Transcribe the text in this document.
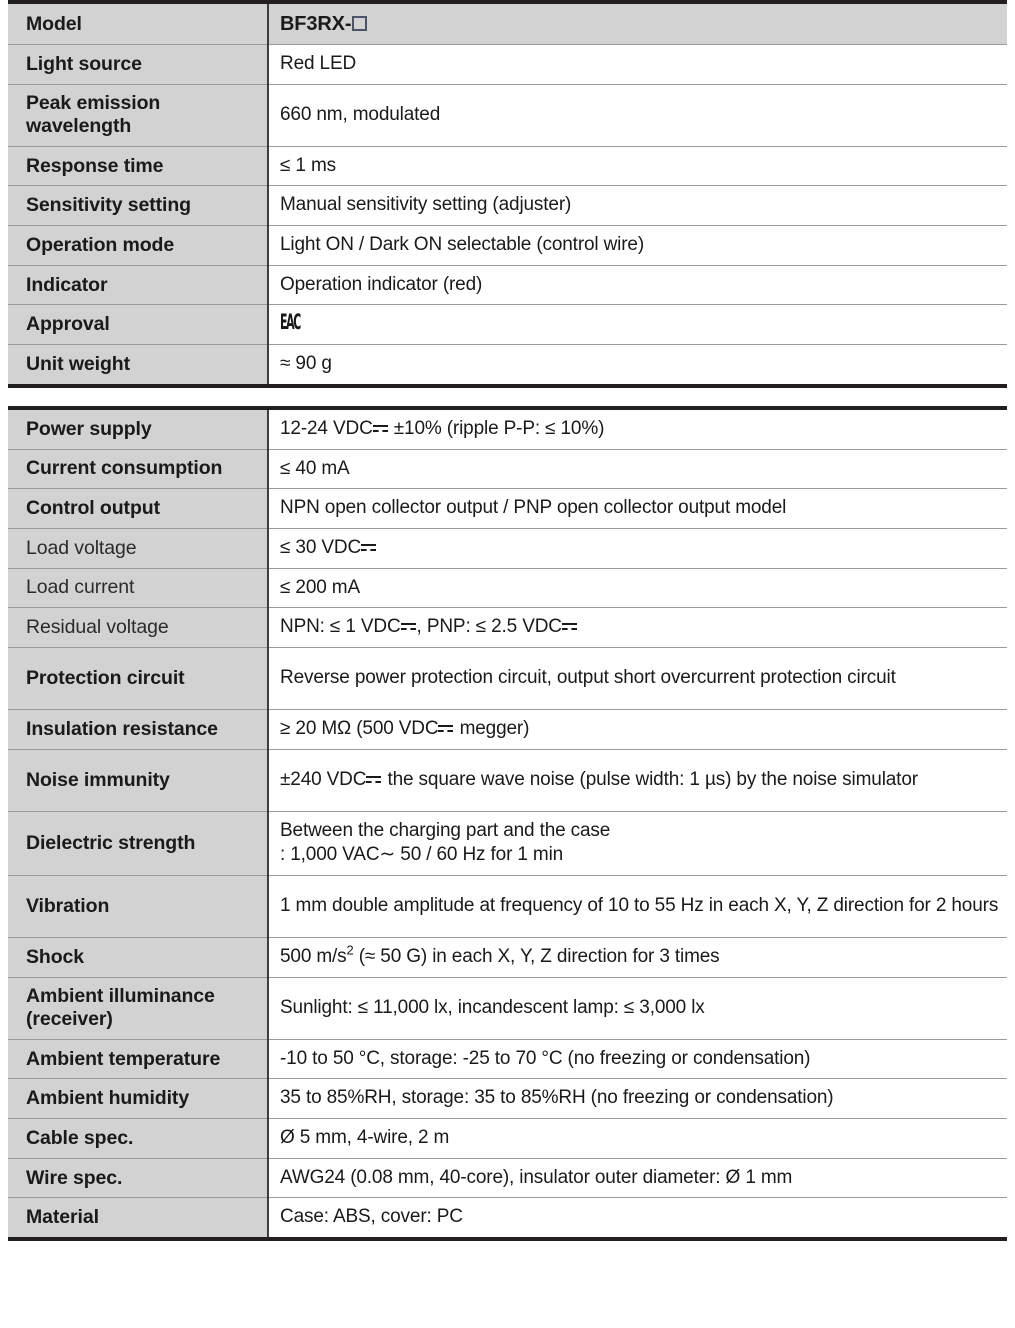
Model	BF3RX-
Light source	Red LED
Peak emission
wavelength	660 nm, modulated
Response time	≤ 1 ms
Sensitivity setting	Manual sensitivity setting (adjuster)
Operation mode	Light ON / Dark ON selectable (control wire)
Indicator	Operation indicator (red)
Approval	EAC
Unit weight	≈ 90 g
Power supply	12-24 VDC ±10% (ripple P-P: ≤ 10%)
Current consumption	≤ 40 mA
Control output	NPN open collector output / PNP open collector output model
Load voltage	≤ 30 VDC
Load current	≤ 200 mA
Residual voltage	NPN: ≤ 1 VDC , PNP: ≤ 2.5 VDC
Protection circuit	Reverse power protection circuit, output short overcurrent protection circuit
Insulation resistance	≥ 20 MΩ (500 VDC megger)
Noise immunity	±240 VDC the square wave noise (pulse width: 1 µs) by the noise simulator
Dielectric strength	Between the charging part and the case
: 1,000 VAC∼ 50 / 60 Hz for 1 min
Vibration	1 mm double amplitude at frequency of 10 to 55 Hz in each X, Y, Z direction for 2 hours
Shock	500 $m/s^2$ (≈ 50 G) in each X, Y, Z direction for 3 times
Ambient illuminance
(receiver)	Sunlight: ≤ 11,000 lx, incandescent lamp: ≤ 3,000 lx
Ambient temperature	-10 to 50 °C, storage: -25 to 70 °C (no freezing or condensation)
Ambient humidity	35 to 85%RH, storage: 35 to 85%RH (no freezing or condensation)
Cable spec.	Ø 5 mm, 4-wire, 2 m
Wire spec.	AWG24 (0.08 mm, 40-core), insulator outer diameter: Ø 1 mm
Material	Case: ABS, cover: PC
